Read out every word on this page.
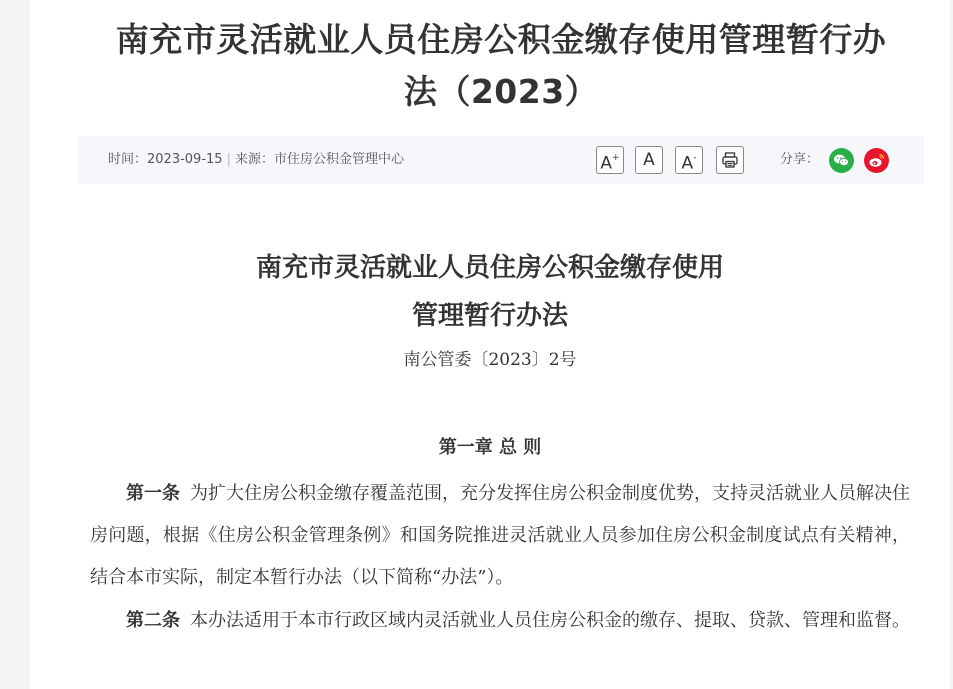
南充市灵活就业人员住房公积金缴存使用管理暂行办法（2023）
时间：2023-09-15 | 来源：市住房公积金管理中心	A+	A	A-	分享：
南充市灵活就业人员住房公积金缴存使用
管理暂行办法
南公管委〔2023〕2号
第一章 总 则

第一条 为扩大住房公积金缴存覆盖范围，充分发挥住房公积金制度优势，支持灵活就业人员解决住房问题，根据《住房公积金管理条例》和国务院推进灵活就业人员参加住房公积金制度试点有关精神，结合本市实际，制定本暂行办法（以下简称“办法”）。

第二条 本办法适用于本市行政区域内灵活就业人员住房公积金的缴存、提取、贷款、管理和监督。
